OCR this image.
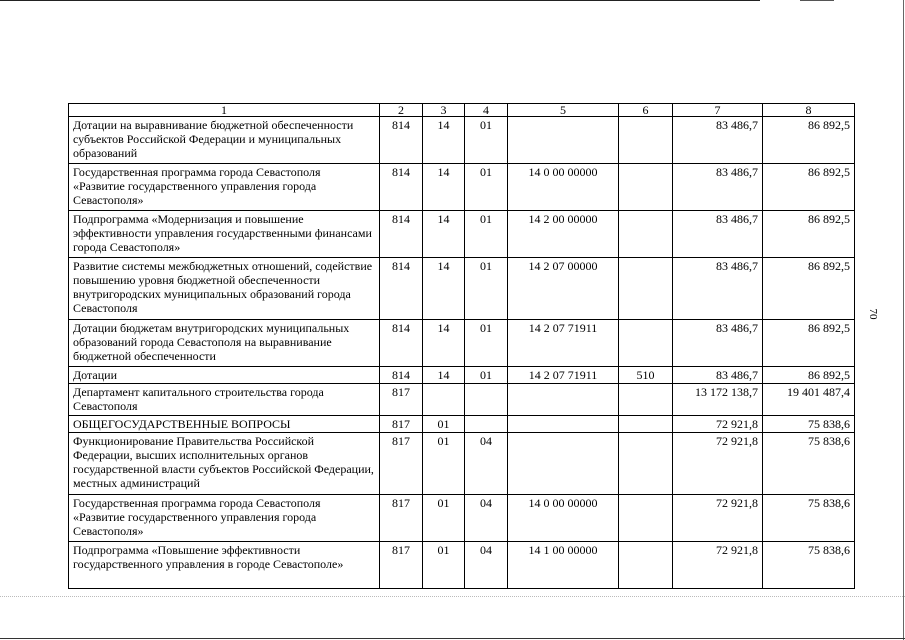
70
1	2	3	4	5	6	7	8
Дотации на выравнивание бюджетной обеспеченности субъектов Российской Федерации и муниципальных образований	814	14	01			83 486,7	86 892,5
Государственная программа города Севастополя «Развитие государственного управления города Севастополя»	814	14	01	14 0 00 00000		83 486,7	86 892,5
Подпрограмма «Модернизация и повышение эффективности управления государственными финансами города Севастополя»	814	14	01	14 2 00 00000		83 486,7	86 892,5
Развитие системы межбюджетных отношений, содействие повышению уровня бюджетной обеспеченности внутригородских муниципальных образований города Севастополя	814	14	01	14 2 07 00000		83 486,7	86 892,5
Дотации бюджетам внутригородских муниципальных образований города Севастополя на выравнивание бюджетной обеспеченности	814	14	01	14 2 07 71911		83 486,7	86 892,5
Дотации	814	14	01	14 2 07 71911	510	83 486,7	86 892,5
Департамент капитального строительства города Севастополя	817					13 172 138,7	19 401 487,4
ОБЩЕГОСУДАРСТВЕННЫЕ ВОПРОСЫ	817	01				72 921,8	75 838,6
Функционирование Правительства Российской Федерации, высших исполнительных органов государственной власти субъектов Российской Федерации, местных администраций	817	01	04			72 921,8	75 838,6
Государственная программа города Севастополя «Развитие государственного управления города Севастополя»	817	01	04	14 0 00 00000		72 921,8	75 838,6
Подпрограмма «Повышение эффективности государственного управления в городе Севастополе»	817	01	04	14 1 00 00000		72 921,8	75 838,6
